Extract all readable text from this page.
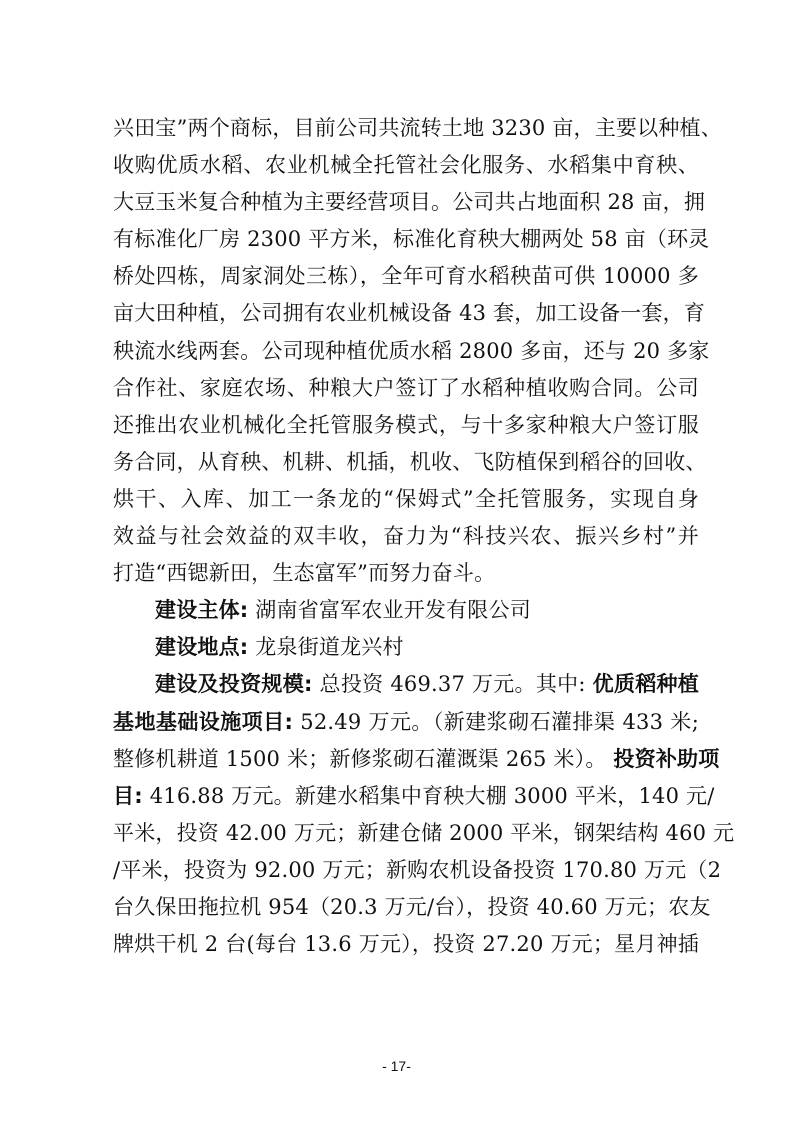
兴田宝”两个商标，目前公司共流转土地 3230 亩，主要以种植、
收购优质水稻、农业机械全托管社会化服务、水稻集中育秧、
大豆玉米复合种植为主要经营项目。公司共占地面积 28 亩，拥
有标准化厂房 2300 平方米，标准化育秧大棚两处 58 亩（环灵
桥处四栋，周家洞处三栋），全年可育水稻秧苗可供 10000 多
亩大田种植，公司拥有农业机械设备 43 套，加工设备一套，育
秧流水线两套。公司现种植优质水稻 2800 多亩，还与 20 多家
合作社、家庭农场、种粮大户签订了水稻种植收购合同。公司
还推出农业机械化全托管服务模式，与十多家种粮大户签订服
务合同，从育秧、机耕、机插，机收、飞防植保到稻谷的回收、
烘干、入库、加工一条龙的“保姆式”全托管服务，实现自身
效益与社会效益的双丰收，奋力为“科技兴农、振兴乡村”并
打造“西锶新田，生态富军”而努力奋斗。
建设主体: 湖南省富军农业开发有限公司
建设地点: 龙泉街道龙兴村
建设及投资规模: 总投资 469.37 万元。其中: 优质稻种植
基地基础设施项目: 52.49 万元。（新建浆砌石灌排渠 433 米;
整修机耕道 1500 米；新修浆砌石灌溉渠 265 米）。 投资补助项
目: 416.88 万元。新建水稻集中育秧大棚 3000 平米，140 元/
平米，投资 42.00 万元；新建仓储 2000 平米，钢架结构 460 元
/平米，投资为 92.00 万元；新购农机设备投资 170.80 万元（2
台久保田拖拉机 954（20.3 万元/台），投资 40.60 万元；农友
牌烘干机 2 台(每台 13.6 万元），投资 27.20 万元；星月神插
- 17-
